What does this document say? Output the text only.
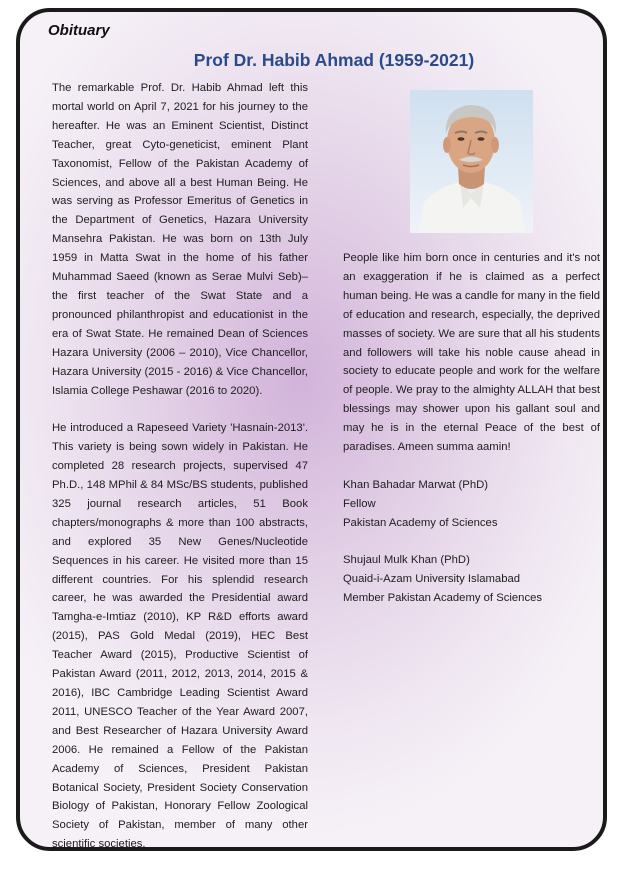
Obituary
Prof Dr. Habib Ahmad (1959-2021)

The remarkable Prof. Dr. Habib Ahmad left this mortal world on April 7, 2021 for his journey to the hereafter. He was an Eminent Scientist, Distinct Teacher, great Cyto-geneticist, eminent Plant Taxonomist, Fellow of the Pakistan Academy of Sciences, and above all a best Human Being. He was serving as Professor Emeritus of Genetics in the Department of Genetics, Hazara University Mansehra Pakistan. He was born on 13th July 1959 in Matta Swat in the home of his father Muhammad Saeed (known as Serae Mulvi Seb)– the first teacher of the Swat State and a pronounced philanthropist and educationist in the era of Swat State. He remained Dean of Sciences Hazara University (2006 – 2010), Vice Chancellor, Hazara University (2015 - 2016) & Vice Chancellor, Islamia College Peshawar (2016 to 2020).

He introduced a Rapeseed Variety 'Hasnain-2013'. This variety is being sown widely in Pakistan. He completed 28 research projects, supervised 47 Ph.D., 148 MPhil & 84 MSc/BS students, published 325 journal research articles, 51 Book chapters/monographs & more than 100 abstracts, and explored 35 New Genes/Nucleotide Sequences in his career. He visited more than 15 different countries. For his splendid research career, he was awarded the Presidential award Tamgha-e-Imtiaz (2010), KP R&D efforts award (2015), PAS Gold Medal (2019), HEC Best Teacher Award (2015), Productive Scientist of Pakistan Award (2011, 2012, 2013, 2014, 2015 & 2016), IBC Cambridge Leading Scientist Award 2011, UNESCO Teacher of the Year Award 2007, and Best Researcher of Hazara University Award 2006. He remained a Fellow of the Pakistan Academy of Sciences, President Pakistan Botanical Society, President Society Conservation Biology of Pakistan, Honorary Fellow Zoological Society of Pakistan, member of many other scientific societies.

People like him born once in centuries and it's not an exaggeration if he is claimed as a perfect human being. He was a candle for many in the field of education and research, especially, the deprived masses of society. We are sure that all his students and followers will take his noble cause ahead in society to educate people and work for the welfare of people. We pray to the almighty ALLAH that best blessings may shower upon his gallant soul and may he is in the eternal Peace of the best of paradises. Ameen summa aamin!

Khan Bahadar Marwat (PhD)

Fellow

Pakistan Academy of Sciences

Shujaul Mulk Khan (PhD)

Quaid-i-Azam University Islamabad

Member Pakistan Academy of Sciences
